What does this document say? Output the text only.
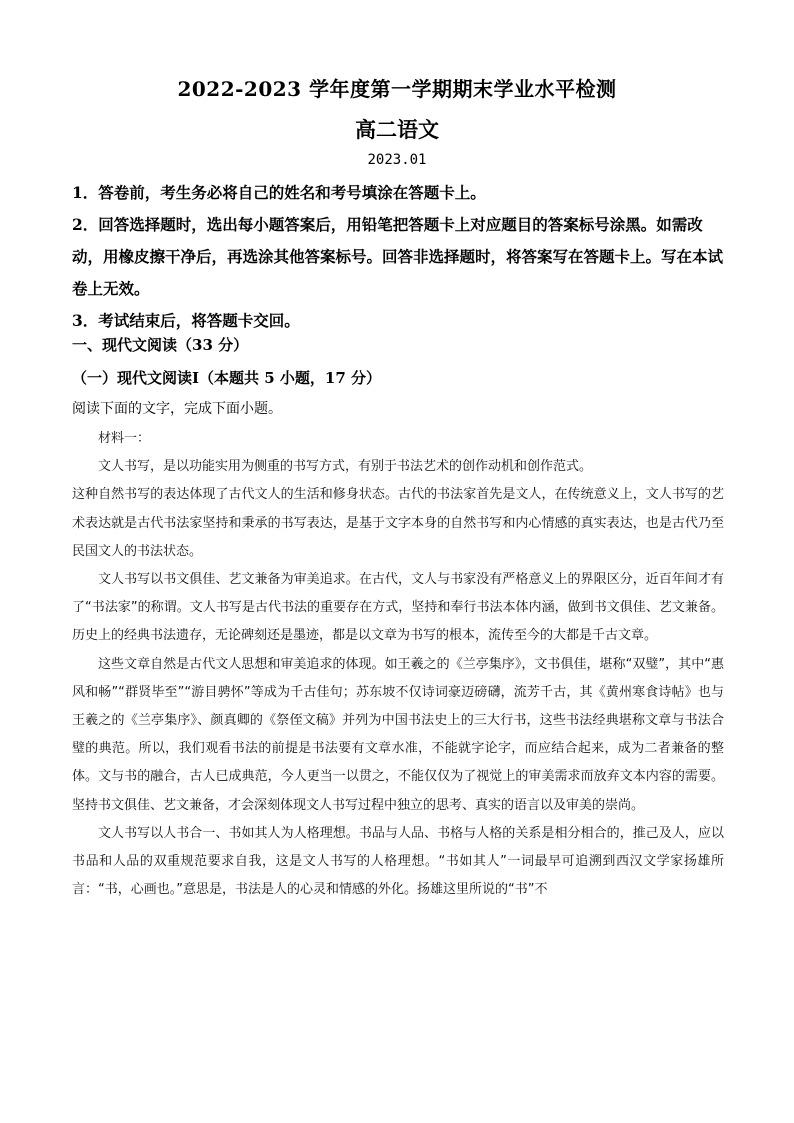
2022-2023 学年度第一学期期末学业水平检测
高二语文
2023.01

1．答卷前，考生务必将自己的姓名和考号填涂在答题卡上。

2．回答选择题时，选出每小题答案后，用铅笔把答题卡上对应题目的答案标号涂黑。如需改动，用橡皮擦干净后，再选涂其他答案标号。回答非选择题时，将答案写在答题卡上。写在本试卷上无效。

3．考试结束后，将答题卡交回。

一、现代文阅读（33 分）
（一）现代文阅读Ⅰ（本题共 5 小题，17 分）
阅读下面的文字，完成下面小题。

材料一：

文人书写，是以功能实用为侧重的书写方式，有别于书法艺术的创作动机和创作范式。

这种自然书写的表达体现了古代文人的生活和修身状态。古代的书法家首先是文人，在传统意义上，文人书写的艺术表达就是古代书法家坚持和秉承的书写表达，是基于文字本身的自然书写和内心情感的真实表达，也是古代乃至民国文人的书法状态。

文人书写以书文俱佳、艺文兼备为审美追求。在古代，文人与书家没有严格意义上的界限区分，近百年间才有了“书法家”的称谓。文人书写是古代书法的重要存在方式，坚持和奉行书法本体内涵，做到书文俱佳、艺文兼备。历史上的经典书法遗存，无论碑刻还是墨迹，都是以文章为书写的根本，流传至今的大都是千古文章。

这些文章自然是古代文人思想和审美追求的体现。如王羲之的《兰亭集序》，文书俱佳，堪称“双璧”，其中“惠风和畅”“群贤毕至”“游目骋怀”等成为千古佳句；苏东坡不仅诗词豪迈磅礴，流芳千古，其《黄州寒食诗帖》也与王羲之的《兰亭集序》、颜真卿的《祭侄文稿》并列为中国书法史上的三大行书，这些书法经典堪称文章与书法合璧的典范。所以，我们观看书法的前提是书法要有文章水准，不能就字论字，而应结合起来，成为二者兼备的整体。文与书的融合，古人已成典范，今人更当一以贯之，不能仅仅为了视觉上的审美需求而放弃文本内容的需要。坚持书文俱佳、艺文兼备，才会深刻体现文人书写过程中独立的思考、真实的语言以及审美的崇尚。

文人书写以人书合一、书如其人为人格理想。书品与人品、书格与人格的关系是相分相合的，推己及人，应以书品和人品的双重规范要求自我，这是文人书写的人格理想。“书如其人”一词最早可追溯到西汉文学家扬雄所言：“书，心画也。”意思是，书法是人的心灵和情感的外化。扬雄这里所说的“书”不
